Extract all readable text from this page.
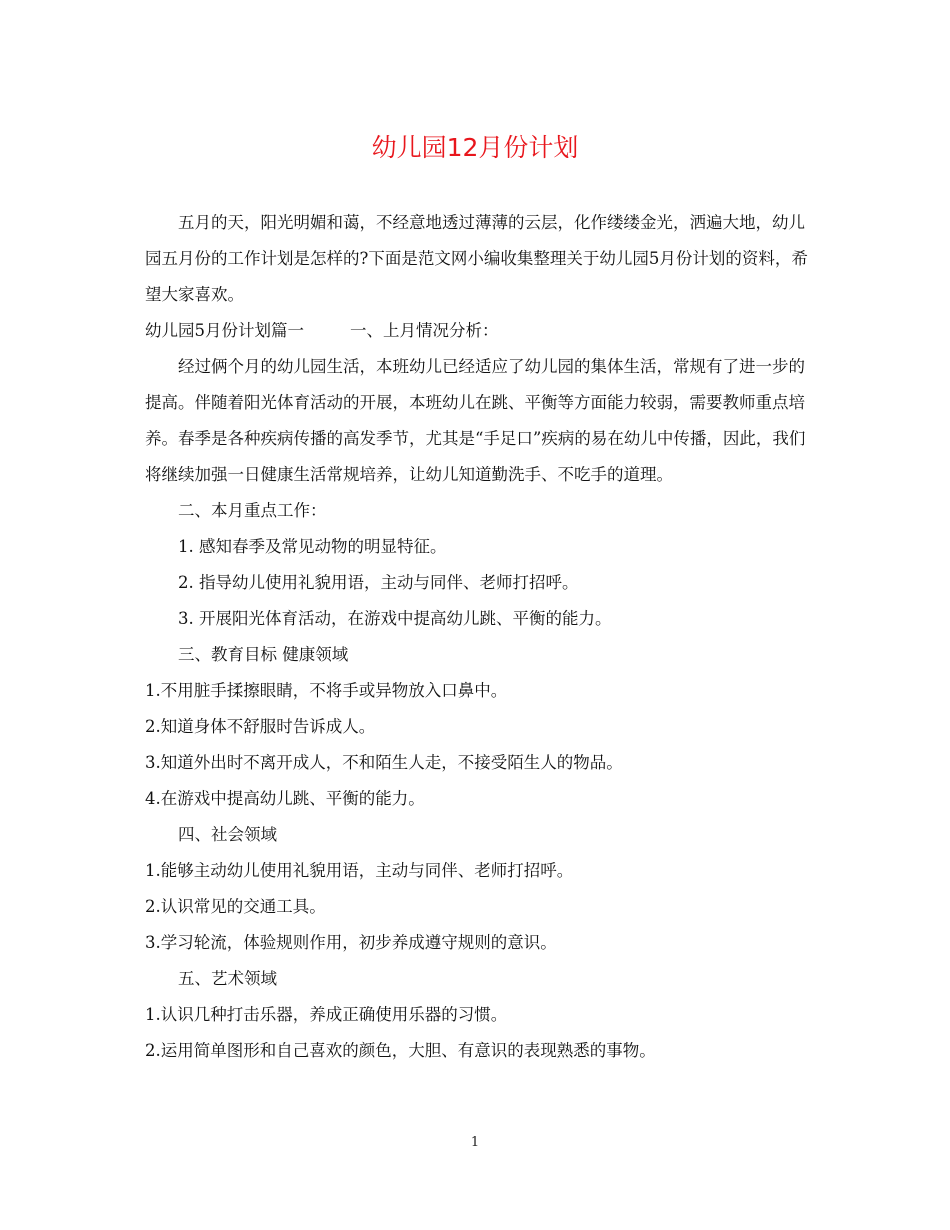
幼儿园12月份计划

五月的天，阳光明媚和蔼，不经意地透过薄薄的云层，化作缕缕金光，洒遍大地，幼儿园五月份的工作计划是怎样的?下面是范文网小编收集整理关于幼儿园5月份计划的资料，希望大家喜欢。

幼儿园5月份计划篇一	一、上月情况分析：

经过俩个月的幼儿园生活，本班幼儿已经适应了幼儿园的集体生活，常规有了进一步的提高。伴随着阳光体育活动的开展，本班幼儿在跳、平衡等方面能力较弱，需要教师重点培养。春季是各种疾病传播的高发季节，尤其是“手足口”疾病的易在幼儿中传播，因此，我们将继续加强一日健康生活常规培养，让幼儿知道勤洗手、不吃手的道理。

二、本月重点工作：

1. 感知春季及常见动物的明显特征。

2. 指导幼儿使用礼貌用语，主动与同伴、老师打招呼。

3. 开展阳光体育活动，在游戏中提高幼儿跳、平衡的能力。

三、教育目标 健康领域

1.不用脏手揉擦眼睛，不将手或异物放入口鼻中。

2.知道身体不舒服时告诉成人。

3.知道外出时不离开成人，不和陌生人走，不接受陌生人的物品。

4.在游戏中提高幼儿跳、平衡的能力。

四、社会领域

1.能够主动幼儿使用礼貌用语，主动与同伴、老师打招呼。

2.认识常见的交通工具。

3.学习轮流，体验规则作用，初步养成遵守规则的意识。

五、艺术领域

1.认识几种打击乐器，养成正确使用乐器的习惯。

2.运用简单图形和自己喜欢的颜色，大胆、有意识的表现熟悉的事物。

1
